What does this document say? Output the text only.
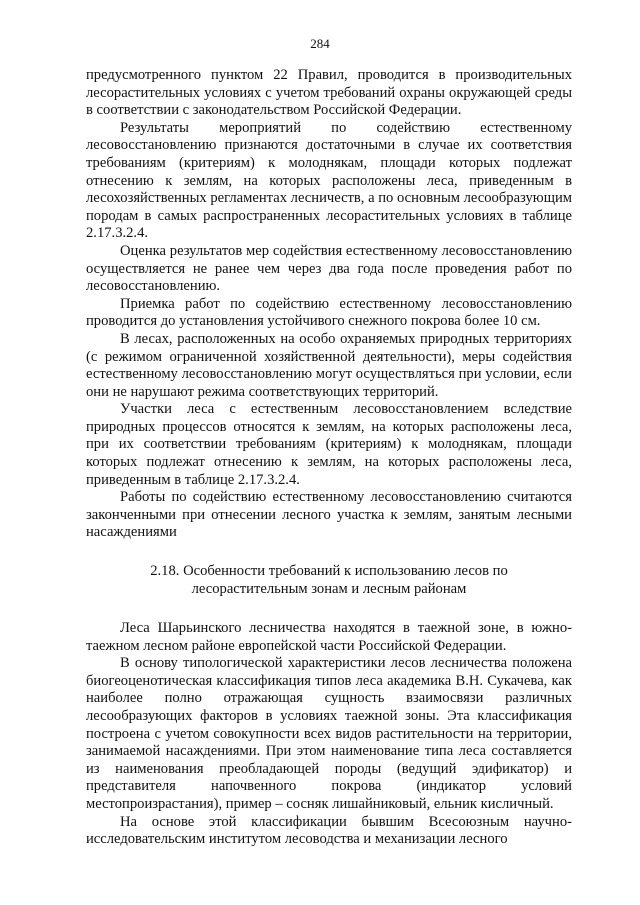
284

предусмотренного пунктом 22 Правил, проводится в производительных лесорастительных условиях с учетом требований охраны окружающей среды в соответствии с законодательством Российской Федерации.

Результаты мероприятий по содействию естественному лесовосстановлению признаются достаточными в случае их соответствия требованиям (критериям) к молоднякам, площади которых подлежат отнесению к землям, на которых расположены леса, приведенным в лесохозяйственных регламентах лесничеств, а по основным лесообразующим породам в самых распространенных лесорастительных условиях в таблице 2.17.3.2.4.

Оценка результатов мер содействия естественному лесовосстановлению осуществляется не ранее чем через два года после проведения работ по лесовосстановлению.

Приемка работ по содействию естественному лесовосстановлению проводится до установления устойчивого снежного покрова более 10 см.

В лесах, расположенных на особо охраняемых природных территориях (с режимом ограниченной хозяйственной деятельности), меры содействия естественному лесовосстановлению могут осуществляться при условии, если они не нарушают режима соответствующих территорий.

Участки леса с естественным лесовосстановлением вследствие природных процессов относятся к землям, на которых расположены леса, при их соответствии требованиям (критериям) к молоднякам, площади которых подлежат отнесению к землям, на которых расположены леса, приведенным в таблице 2.17.3.2.4.

Работы по содействию естественному лесовосстановлению считаются законченными при отнесении лесного участка к землям, занятым лесными насаждениями

2.18. Особенности требований к использованию лесов по
лесорастительным зонам и лесным районам

Леса Шарьинского лесничества находятся в таежной зоне, в южно-таежном лесном районе европейской части Российской Федерации.

В основу типологической характеристики лесов лесничества положена биогеоценотическая классификация типов леса академика В.Н. Сукачева, как наиболее полно отражающая сущность взаимосвязи различных лесообразующих факторов в условиях таежной зоны. Эта классификация построена с учетом совокупности всех видов растительности на территории, занимаемой насаждениями. При этом наименование типа леса составляется из наименования преобладающей породы (ведущий эдификатор) и представителя напочвенного покрова (индикатор условий местопроизрастания), пример – сосняк лишайниковый, ельник кисличный.

На основе этой классификации бывшим Всесоюзным научно-исследовательским институтом лесоводства и механизации лесного
